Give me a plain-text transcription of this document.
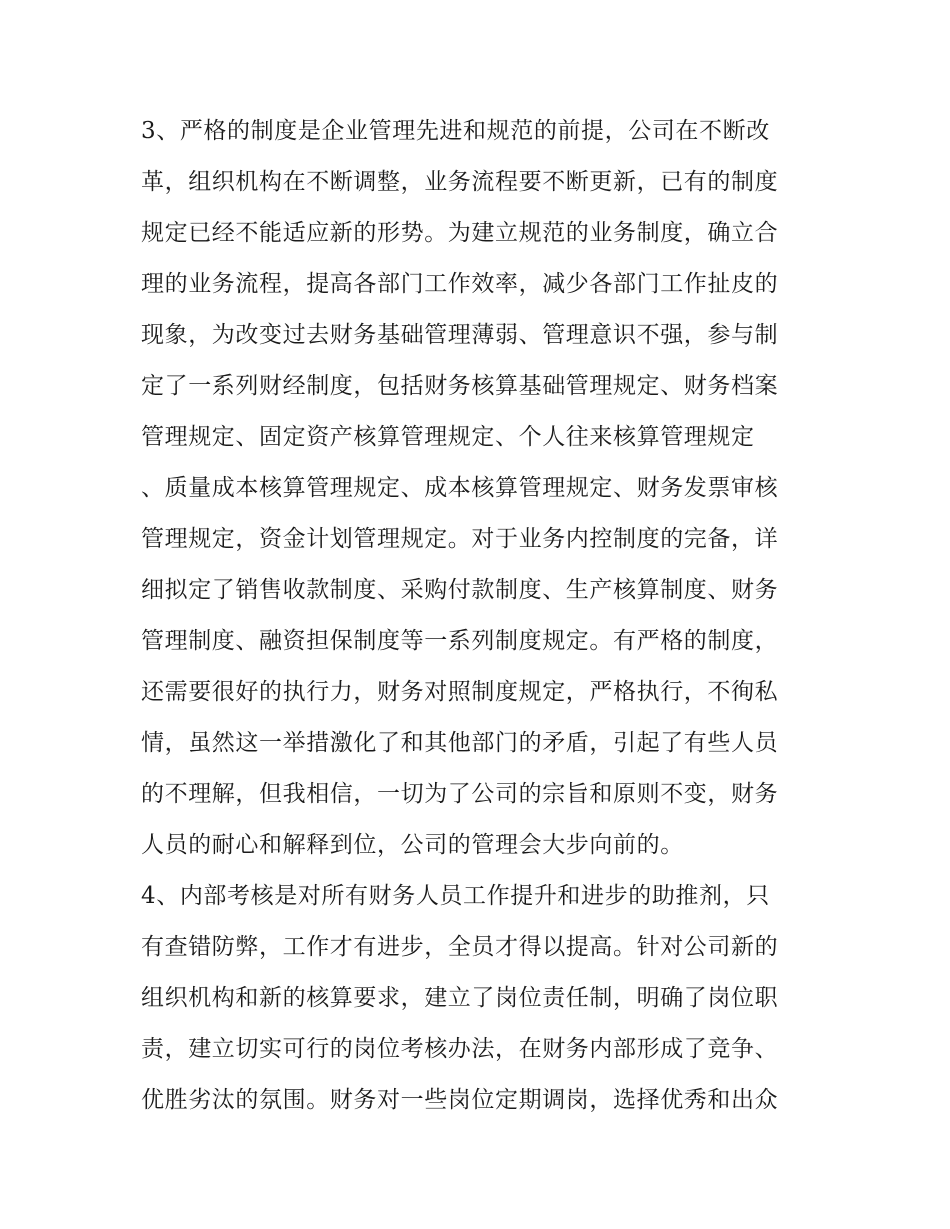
3、严格的制度是企业管理先进和规范的前提，公司在不断改
革，组织机构在不断调整，业务流程要不断更新，已有的制度
规定已经不能适应新的形势。为建立规范的业务制度，确立合
理的业务流程，提高各部门工作效率，减少各部门工作扯皮的
现象，为改变过去财务基础管理薄弱、管理意识不强，参与制
定了一系列财经制度，包括财务核算基础管理规定、财务档案
管理规定、固定资产核算管理规定、个人往来核算管理规定
、质量成本核算管理规定、成本核算管理规定、财务发票审核
管理规定，资金计划管理规定。对于业务内控制度的完备，详
细拟定了销售收款制度、采购付款制度、生产核算制度、财务
管理制度、融资担保制度等一系列制度规定。有严格的制度，
还需要很好的执行力，财务对照制度规定，严格执行，不徇私
情，虽然这一举措激化了和其他部门的矛盾，引起了有些人员
的不理解，但我相信，一切为了公司的宗旨和原则不变，财务
人员的耐心和解释到位，公司的管理会大步向前的。
4、内部考核是对所有财务人员工作提升和进步的助推剂，只
有查错防弊，工作才有进步，全员才得以提高。针对公司新的
组织机构和新的核算要求，建立了岗位责任制，明确了岗位职
责，建立切实可行的岗位考核办法，在财务内部形成了竞争、
优胜劣汰的氛围。财务对一些岗位定期调岗，选择优秀和出众
